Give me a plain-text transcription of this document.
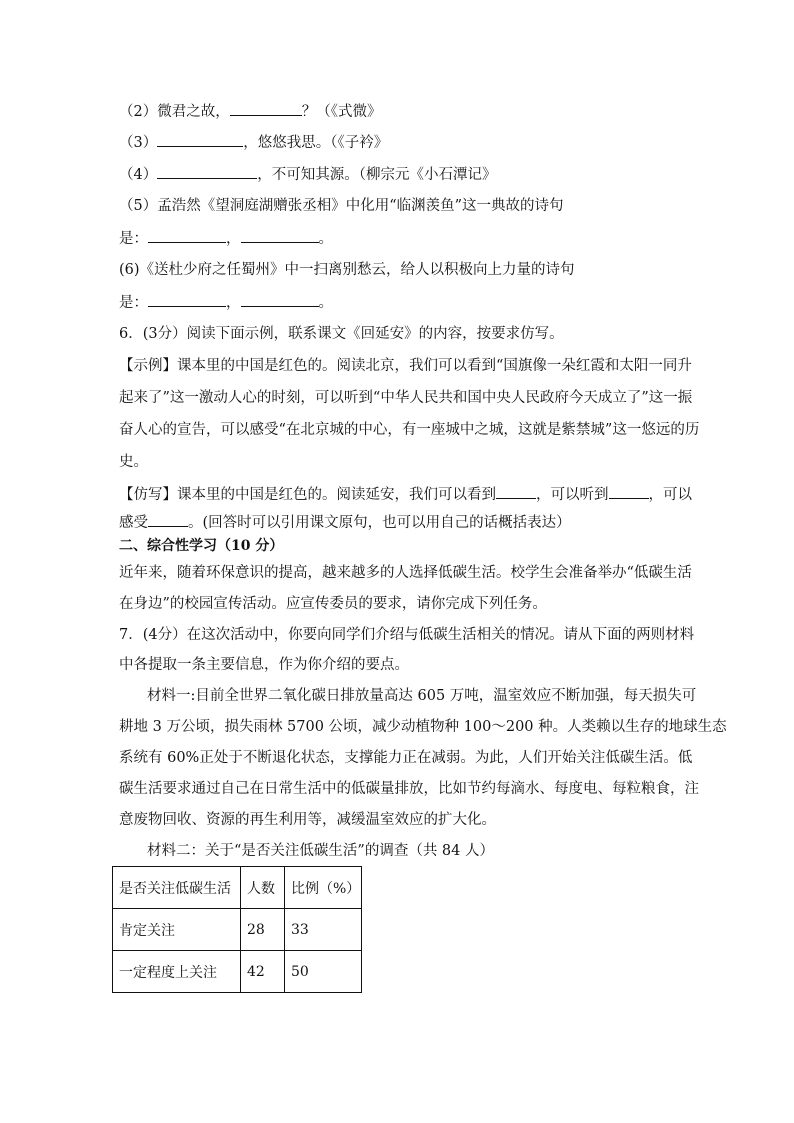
（2）微君之故，	？（《式微》
（3）	，悠悠我思。（《子衿》
（4）	，不可知其源。（柳宗元《小石潭记》
（5）孟浩然《望洞庭湖赠张丞相》中化用“临渊羡鱼”这一典故的诗句
是：	，	。
(6)《送杜少府之任蜀州》中一扫离别愁云，给人以积极向上力量的诗句
是：	，	。
6．(3分）阅读下面示例，联系课文《回延安》的内容，按要求仿写。
【示例】课本里的中国是红色的。阅读北京，我们可以看到“国旗像一朵红霞和太阳一同升
起来了”这一激动人心的时刻，可以听到“中华人民共和国中央人民政府今天成立了”这一振
奋人心的宣告，可以感受“在北京城的中心，有一座城中之城，这就是紫禁城”这一悠远的历
史。
【仿写】课本里的中国是红色的。阅读延安，我们可以看到	，可以听到	，可以
感受	。(回答时可以引用课文原句，也可以用自己的话概括表达）
二、综合性学习（10 分）
近年来，随着环保意识的提高，越来越多的人选择低碳生活。校学生会准备举办“低碳生活
在身边”的校园宣传活动。应宣传委员的要求，请你完成下列任务。
7．(4分）在这次活动中，你要向同学们介绍与低碳生活相关的情况。请从下面的两则材料
中各提取一条主要信息，作为你介绍的要点。
材料一:目前全世界二氧化碳日排放量高达 605 万吨，温室效应不断加强，每天损失可
耕地 3 万公顷，损失雨林 5700 公顷，减少动植物种 100～200 种。人类赖以生存的地球生态
系统有 60%正处于不断退化状态，支撑能力正在减弱。为此，人们开始关注低碳生活。低
碳生活要求通过自己在日常生活中的低碳量排放，比如节约每滴水、每度电、每粒粮食，注
意废物回收、资源的再生利用等，减缓温室效应的扩大化。
材料二：关于“是否关注低碳生活”的调查（共 84 人）
是否关注低碳生活	人数	比例（%）
肯定关注	28	33
一定程度上关注	42	50
